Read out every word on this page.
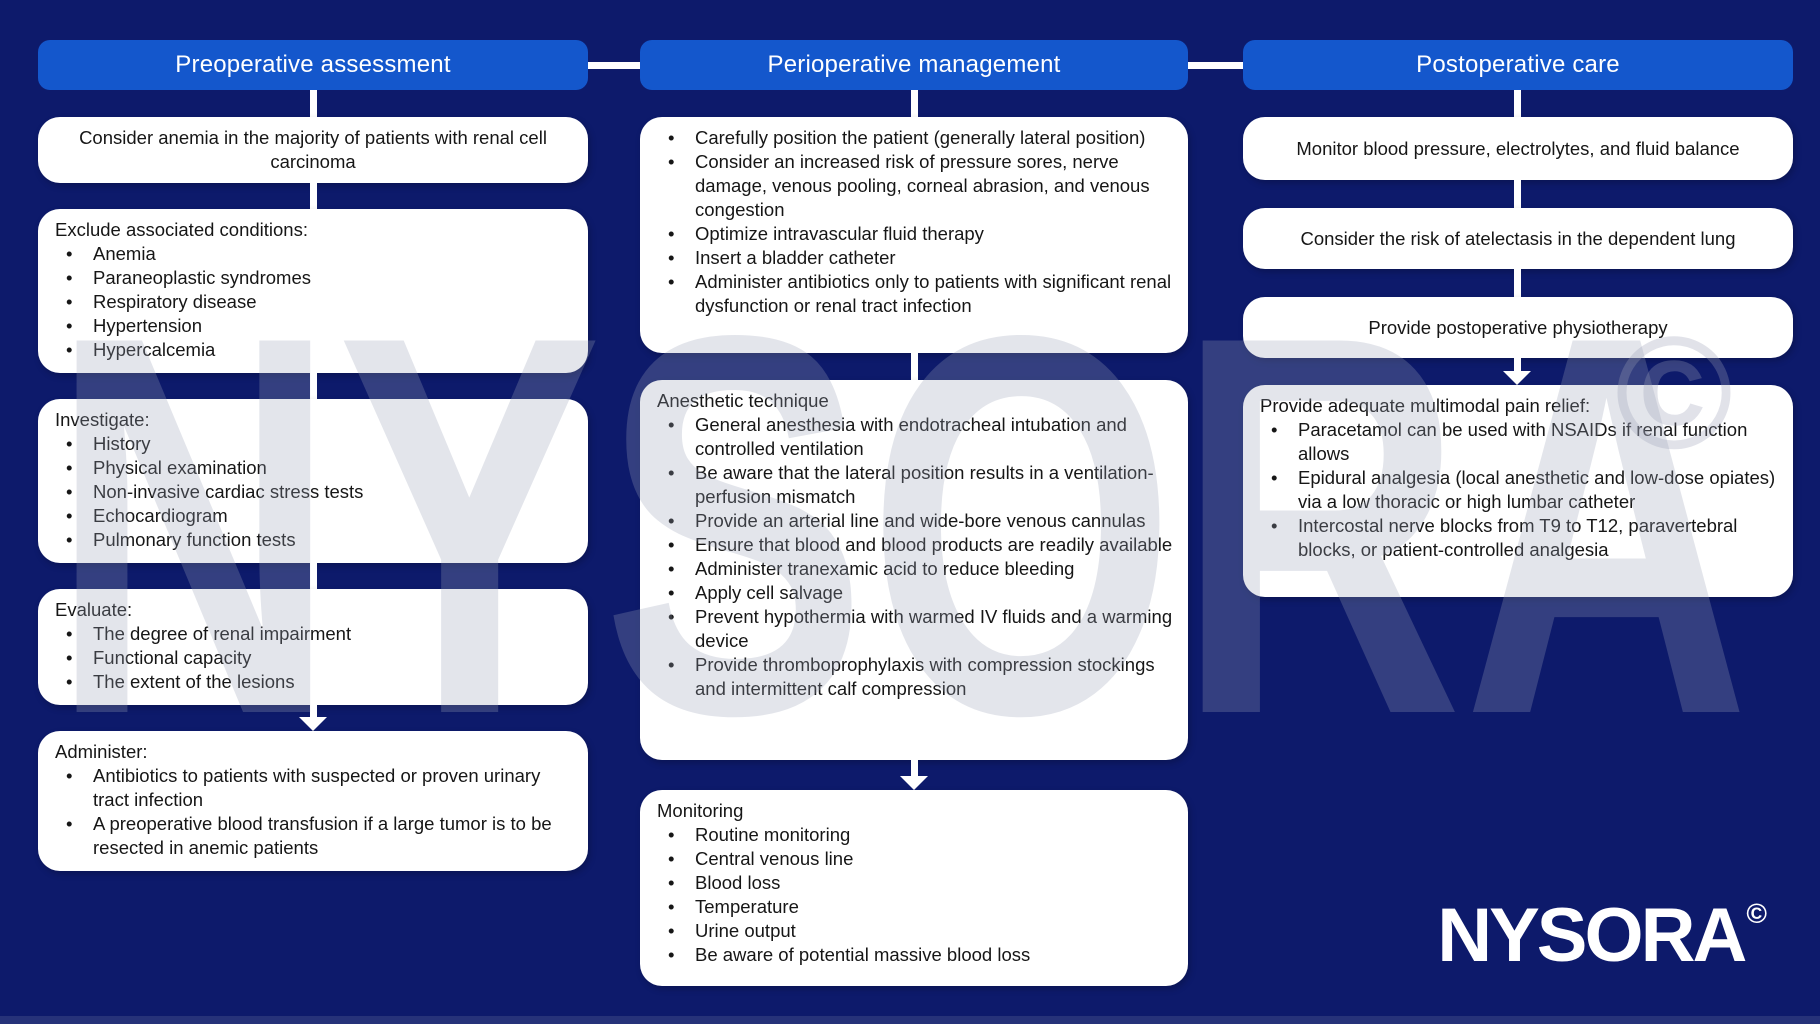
Preoperative assessment	Perioperative management	Postoperative care
Consider anemia in the majority of patients with renal cell carcinoma
Exclude associated conditions:
• Anemia
• Paraneoplastic syndromes
• Respiratory disease
• Hypertension
• Hypercalcemia
Investigate:
• History
• Physical examination
• Non-invasive cardiac stress tests
• Echocardiogram
• Pulmonary function tests
Evaluate:
• The degree of renal impairment
• Functional capacity
• The extent of the lesions
Administer:
• Antibiotics to patients with suspected or proven urinary tract infection
• A preoperative blood transfusion if a large tumor is to be resected in anemic patients
• Carefully position the patient (generally lateral position)
• Consider an increased risk of pressure sores, nerve damage, venous pooling, corneal abrasion, and venous congestion
• Optimize intravascular fluid therapy
• Insert a bladder catheter
• Administer antibiotics only to patients with significant renal dysfunction or renal tract infection
Anesthetic technique
• General anesthesia with endotracheal intubation and controlled ventilation
• Be aware that the lateral position results in a ventilation-perfusion mismatch
• Provide an arterial line and wide-bore venous cannulas
• Ensure that blood and blood products are readily available
• Administer tranexamic acid to reduce bleeding
• Apply cell salvage
• Prevent hypothermia with warmed IV fluids and a warming device
• Provide thromboprophylaxis with compression stockings and intermittent calf compression
Monitoring
• Routine monitoring
• Central venous line
• Blood loss
• Temperature
• Urine output
• Be aware of potential massive blood loss
Monitor blood pressure, electrolytes, and fluid balance
Consider the risk of atelectasis in the dependent lung
Provide postoperative physiotherapy
Provide adequate multimodal pain relief:
• Paracetamol can be used with NSAIDs if renal function allows
• Epidural analgesia (local anesthetic and low-dose opiates) via a low thoracic or high lumbar catheter
• Intercostal nerve blocks from T9 to T12, paravertebral blocks, or patient-controlled analgesia
NYSORA
©
NYSORA©
